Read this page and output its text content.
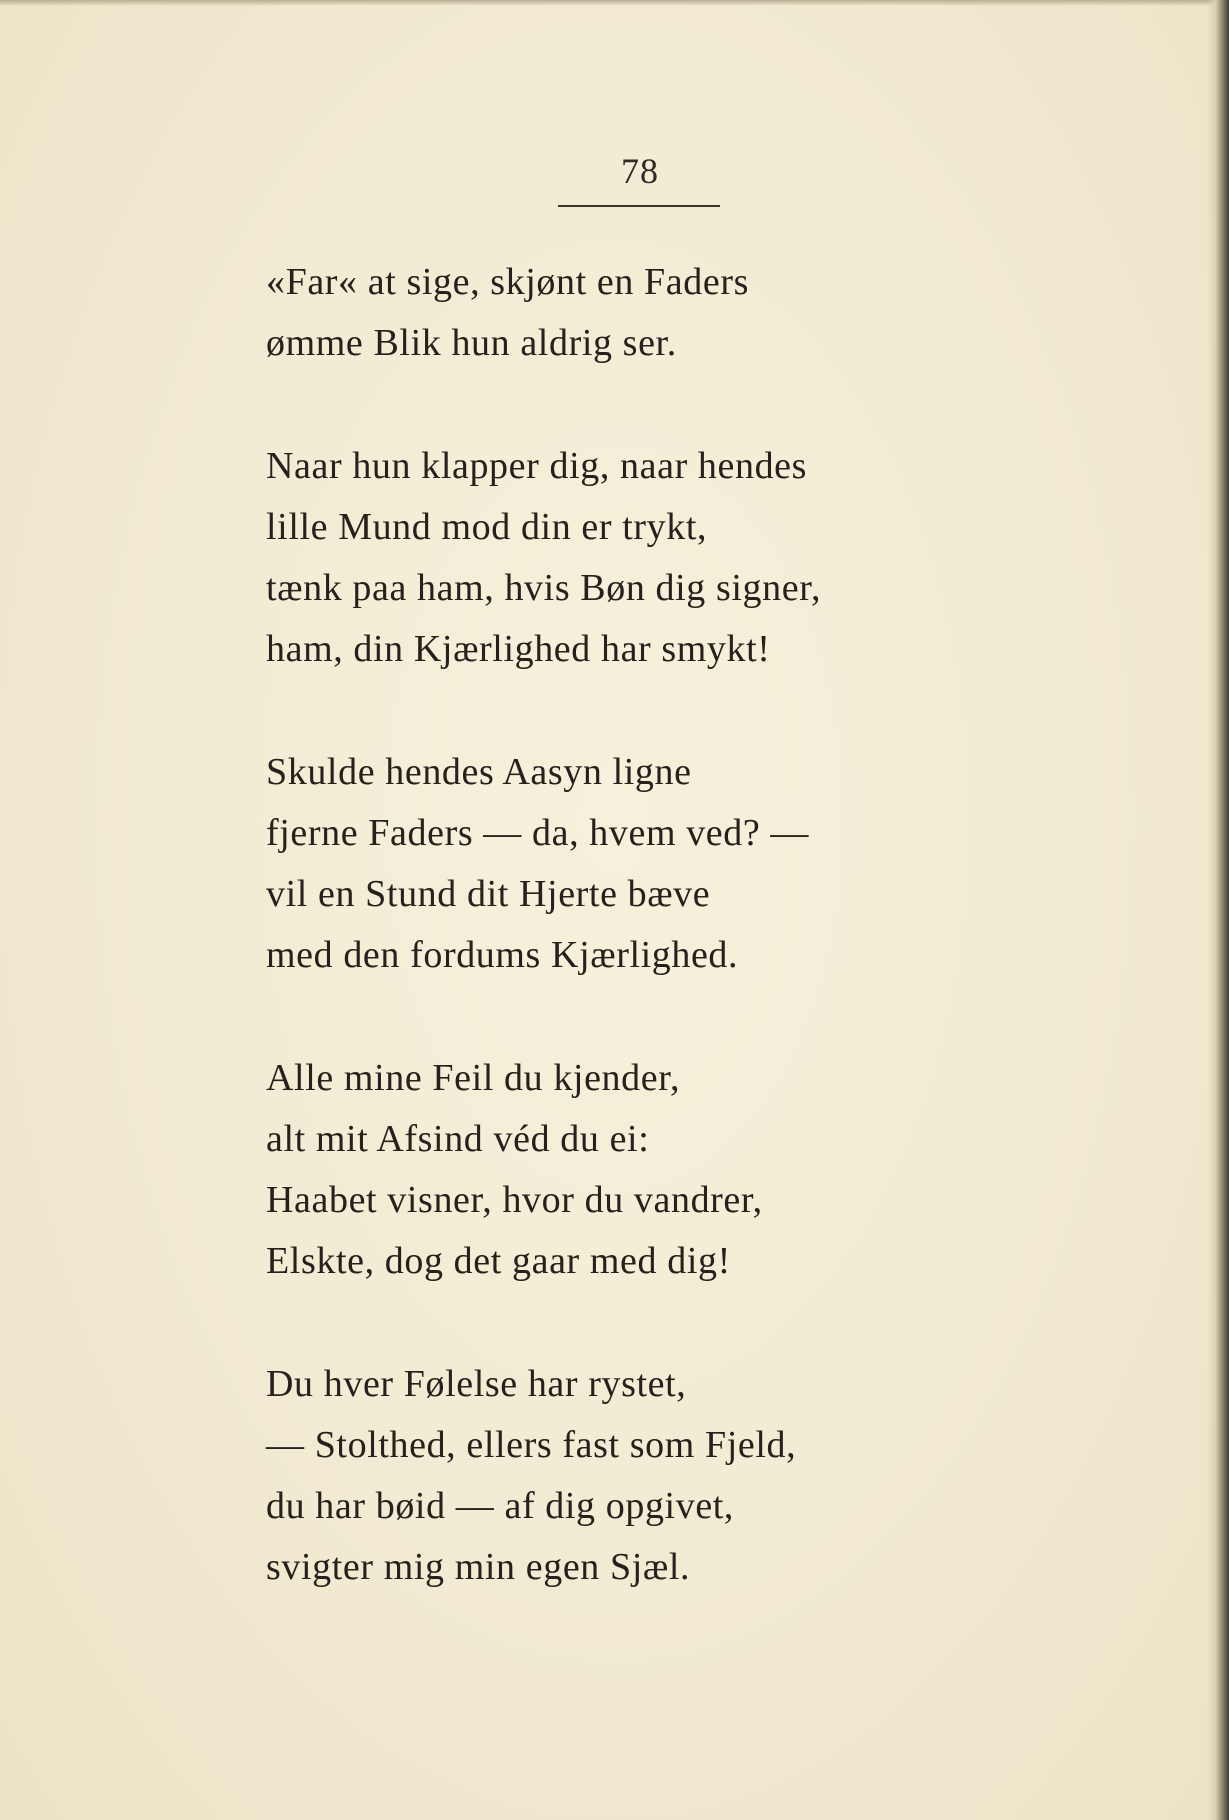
78
«Far« at sige, skjønt en Faders
ømme Blik hun aldrig ser.
Naar hun klapper dig, naar hendes
lille Mund mod din er trykt,
tænk paa ham, hvis Bøn dig signer,
ham, din Kjærlighed har smykt!
Skulde hendes Aasyn ligne
fjerne Faders — da, hvem ved? —
vil en Stund dit Hjerte bæve
med den fordums Kjærlighed.
Alle mine Feil du kjender,
alt mit Afsind véd du ei:
Haabet visner, hvor du vandrer,
Elskte, dog det gaar med dig!
Du hver Følelse har rystet,
— Stolthed, ellers fast som Fjeld,
du har bøid — af dig opgivet,
svigter mig min egen Sjæl.
